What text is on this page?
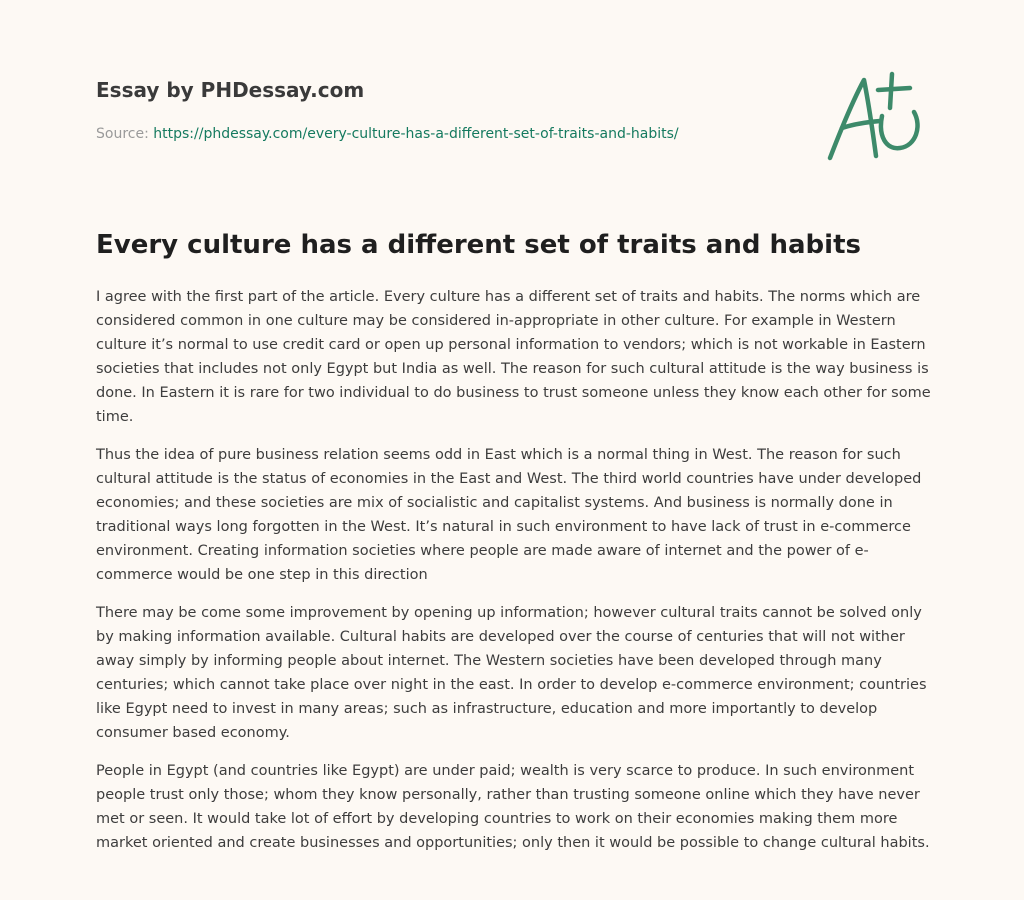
Essay by PHDessay.com
Source: https://phdessay.com/every-culture-has-a-different-set-of-traits-and-habits/
Every culture has a different set of traits and habits

I agree with the first part of the article. Every culture has a different set of traits and habits. The norms which are considered common in one culture may be considered in-appropriate in other culture. For example in Western culture it’s normal to use credit card or open up personal information to vendors; which is not workable in Eastern societies that includes not only Egypt but India as well. The reason for such cultural attitude is the way business is done. In Eastern it is rare for two individual to do business to trust someone unless they know each other for some time.

Thus the idea of pure business relation seems odd in East which is a normal thing in West. The reason for such cultural attitude is the status of economies in the East and West. The third world countries have under developed economies; and these societies are mix of socialistic and capitalist systems. And business is normally done in traditional ways long forgotten in the West. It’s natural in such environment to have lack of trust in e-commerce environment. Creating information societies where people are made aware of internet and the power of e-commerce would be one step in this direction

There may be come some improvement by opening up information; however cultural traits cannot be solved only by making information available. Cultural habits are developed over the course of centuries that will not wither away simply by informing people about internet. The Western societies have been developed through many centuries; which cannot take place over night in the east. In order to develop e-commerce environment; countries like Egypt need to invest in many areas; such as infrastructure, education and more importantly to develop consumer based economy.

People in Egypt (and countries like Egypt) are under paid; wealth is very scarce to produce. In such environment people trust only those; whom they know personally, rather than trusting someone online which they have never met or seen. It would take lot of effort by developing countries to work on their economies making them more market oriented and create businesses and opportunities; only then it would be possible to change cultural habits.
